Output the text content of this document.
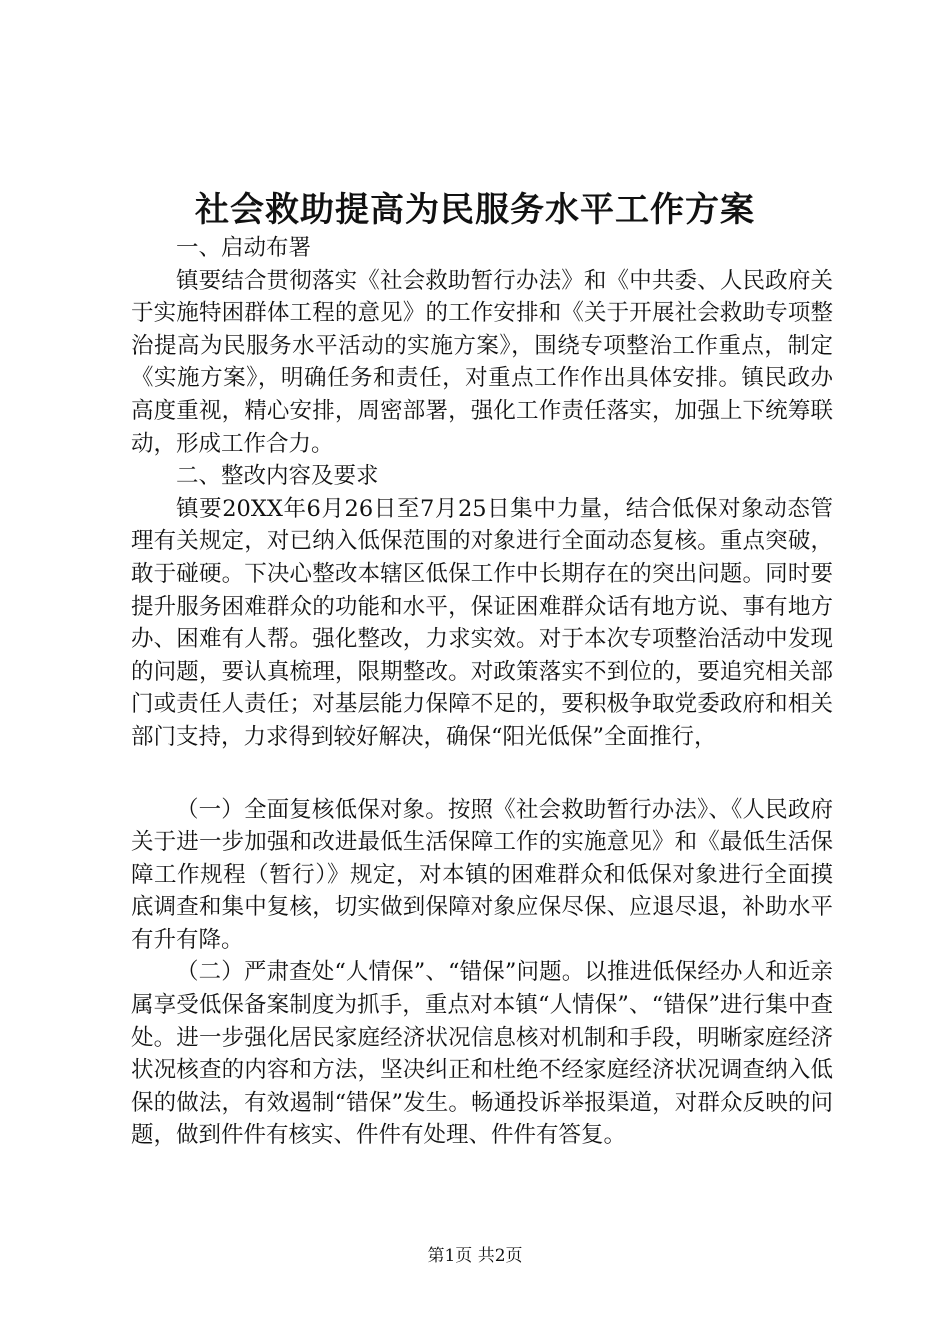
社会救助提高为民服务水平工作方案

一、启动布署

镇要结合贯彻落实《社会救助暂行办法》和《中共委、人民政府关于实施特困群体工程的意见》的工作安排和《关于开展社会救助专项整治提高为民服务水平活动的实施方案》，围绕专项整治工作重点，制定《实施方案》，明确任务和责任，对重点工作作出具体安排。镇民政办高度重视，精心安排，周密部署，强化工作责任落实，加强上下统筹联动，形成工作合力。

二、整改内容及要求

镇要20XX年6月26日至7月25日集中力量，结合低保对象动态管理有关规定，对已纳入低保范围的对象进行全面动态复核。重点突破，敢于碰硬。下决心整改本辖区低保工作中长期存在的突出问题。同时要提升服务困难群众的功能和水平，保证困难群众话有地方说、事有地方办、困难有人帮。强化整改，力求实效。对于本次专项整治活动中发现的问题，要认真梳理，限期整改。对政策落实不到位的，要追究相关部门或责任人责任；对基层能力保障不足的，要积极争取党委政府和相关部门支持，力求得到较好解决，确保“阳光低保”全面推行，

（一）全面复核低保对象。按照《社会救助暂行办法》、《人民政府关于进一步加强和改进最低生活保障工作的实施意见》和《最低生活保障工作规程（暂行）》规定，对本镇的困难群众和低保对象进行全面摸底调查和集中复核，切实做到保障对象应保尽保、应退尽退，补助水平有升有降。

（二）严肃查处“人情保”、“错保”问题。以推进低保经办人和近亲属享受低保备案制度为抓手，重点对本镇“人情保”、“错保”进行集中查处。进一步强化居民家庭经济状况信息核对机制和手段，明晰家庭经济状况核查的内容和方法，坚决纠正和杜绝不经家庭经济状况调查纳入低保的做法，有效遏制“错保”发生。畅通投诉举报渠道，对群众反映的问题，做到件件有核实、件件有处理、件件有答复。

第1页 共2页
